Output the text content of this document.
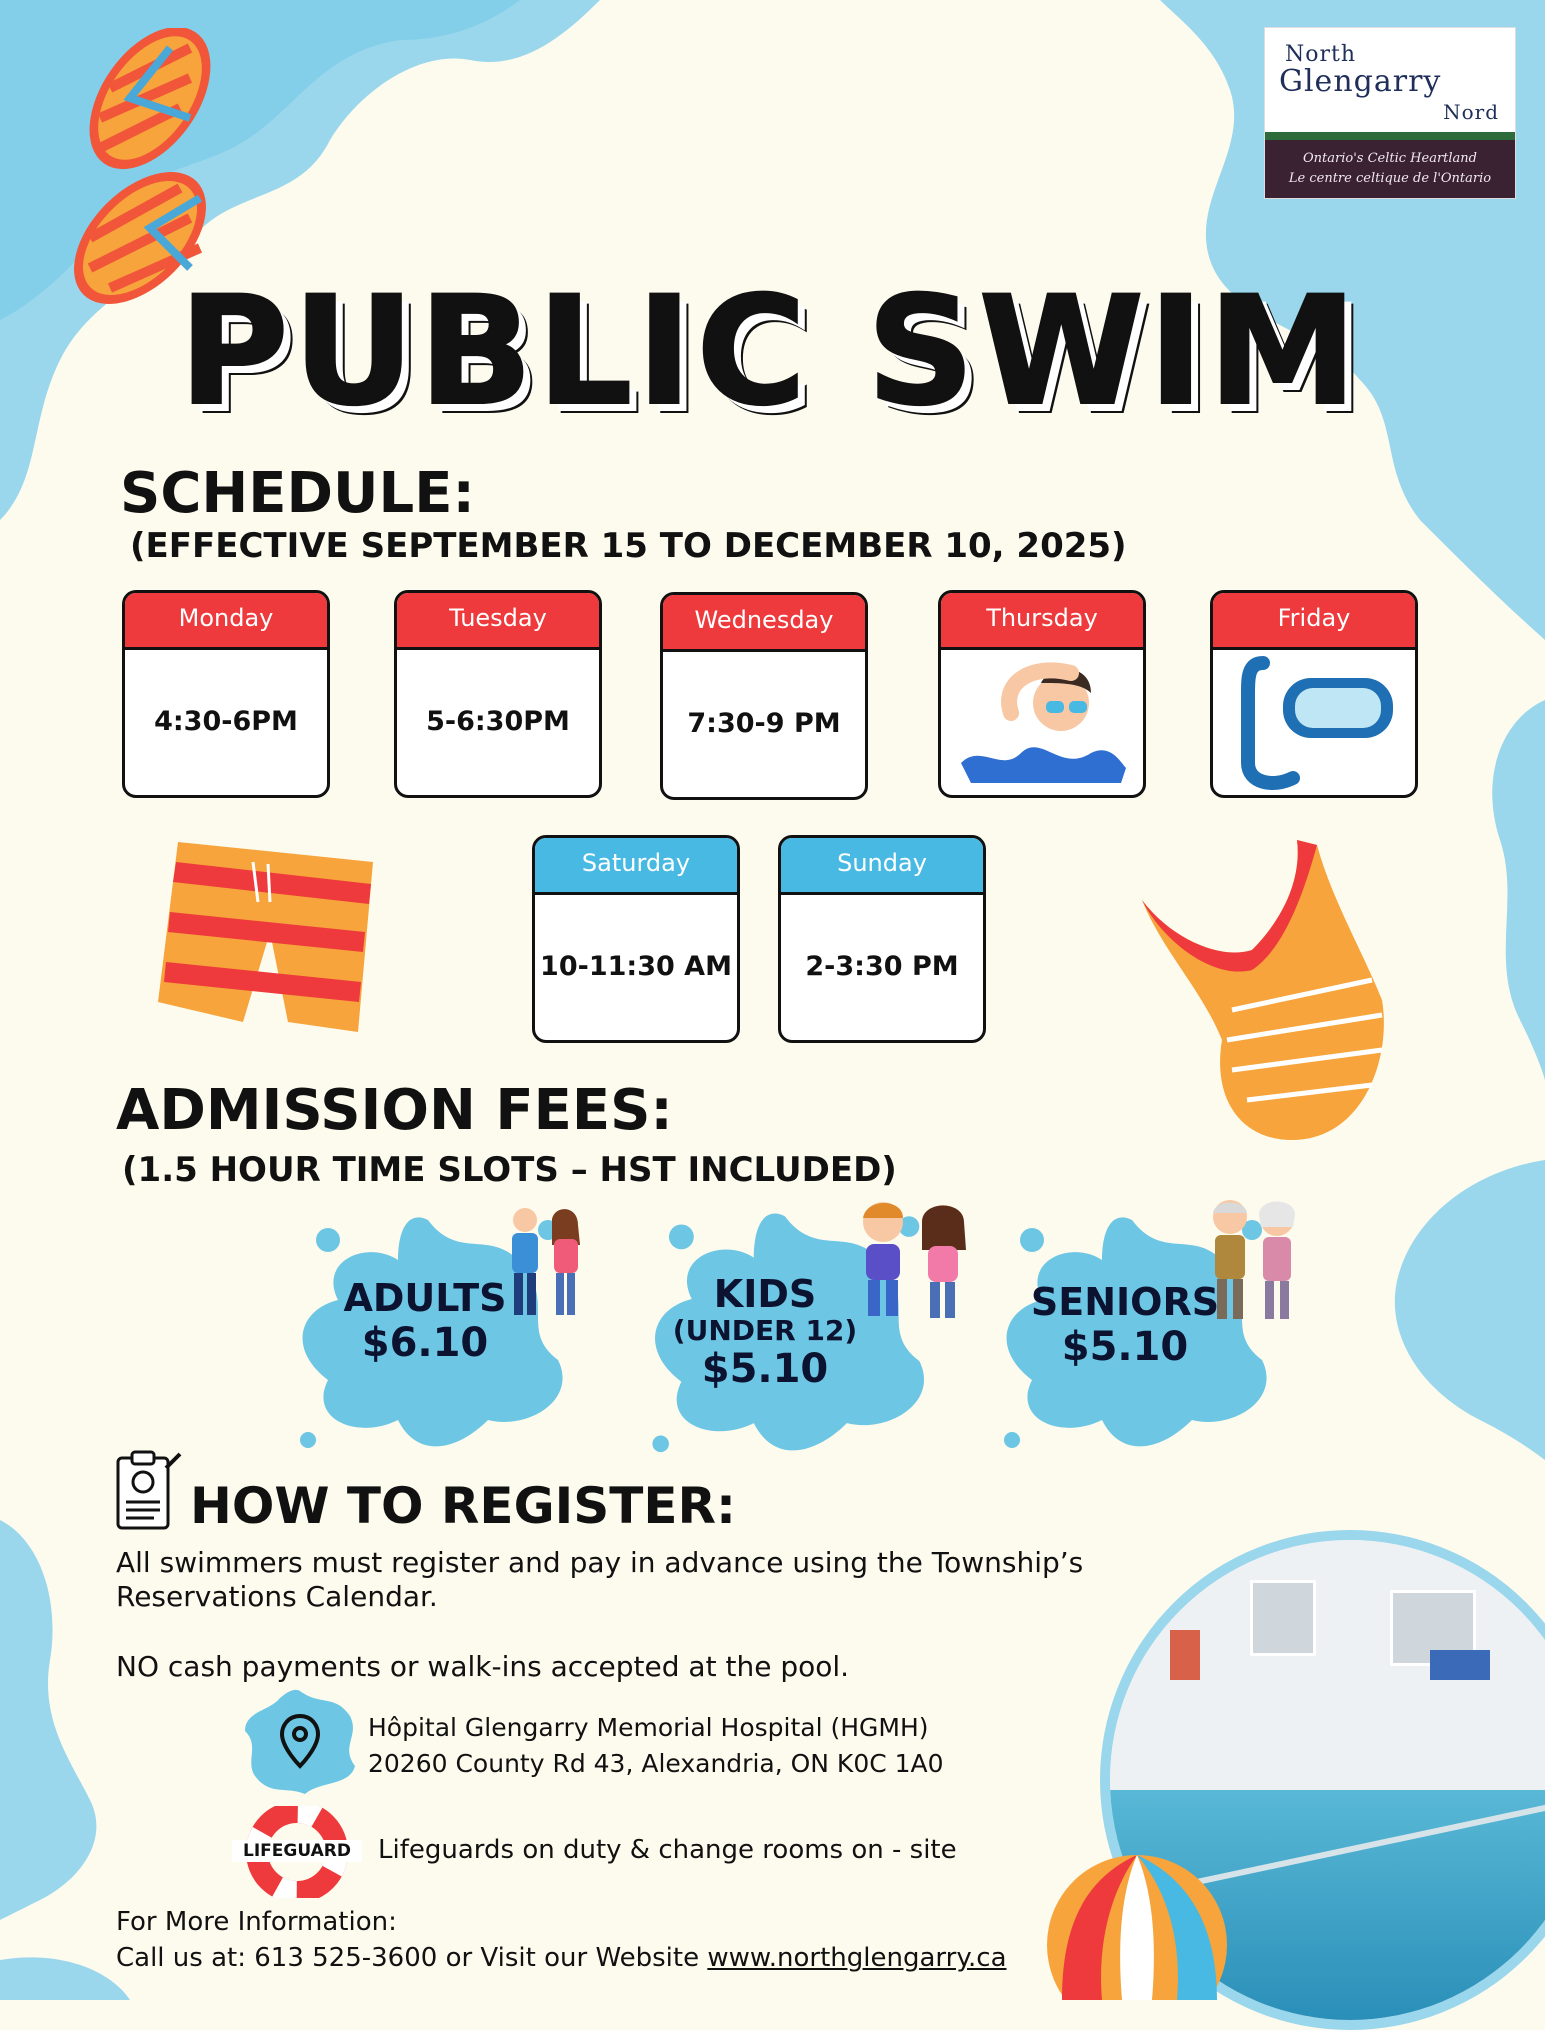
North
Glengarry
Nord
Ontario's Celtic Heartland
Le centre celtique de l'Ontario
PUBLIC SWIM
SCHEDULE:
(EFFECTIVE SEPTEMBER 15 TO DECEMBER 10, 2025)
Monday
4:30-6PM
Tuesday
5-6:30PM
Wednesday
7:30-9 PM
Thursday	Friday
Saturday
10-11:30 AM
Sunday
2-3:30 PM
ADMISSION FEES:
(1.5 HOUR TIME SLOTS – HST INCLUDED)
ADULTS
$6.10
KIDS
(UNDER 12)
$5.10
SENIORS
$5.10
HOW TO REGISTER:
All swimmers must register and pay in advance using the Township’s
Reservations Calendar.
NO cash payments or walk-ins accepted at the pool.
Hôpital Glengarry Memorial Hospital (HGMH)
20260 County Rd 43, Alexandria, ON K0C 1A0
LIFEGUARD	Lifeguards on duty & change rooms on - site
For More Information:
Call us at: 613 525-3600 or Visit our Website www.northglengarry.ca
